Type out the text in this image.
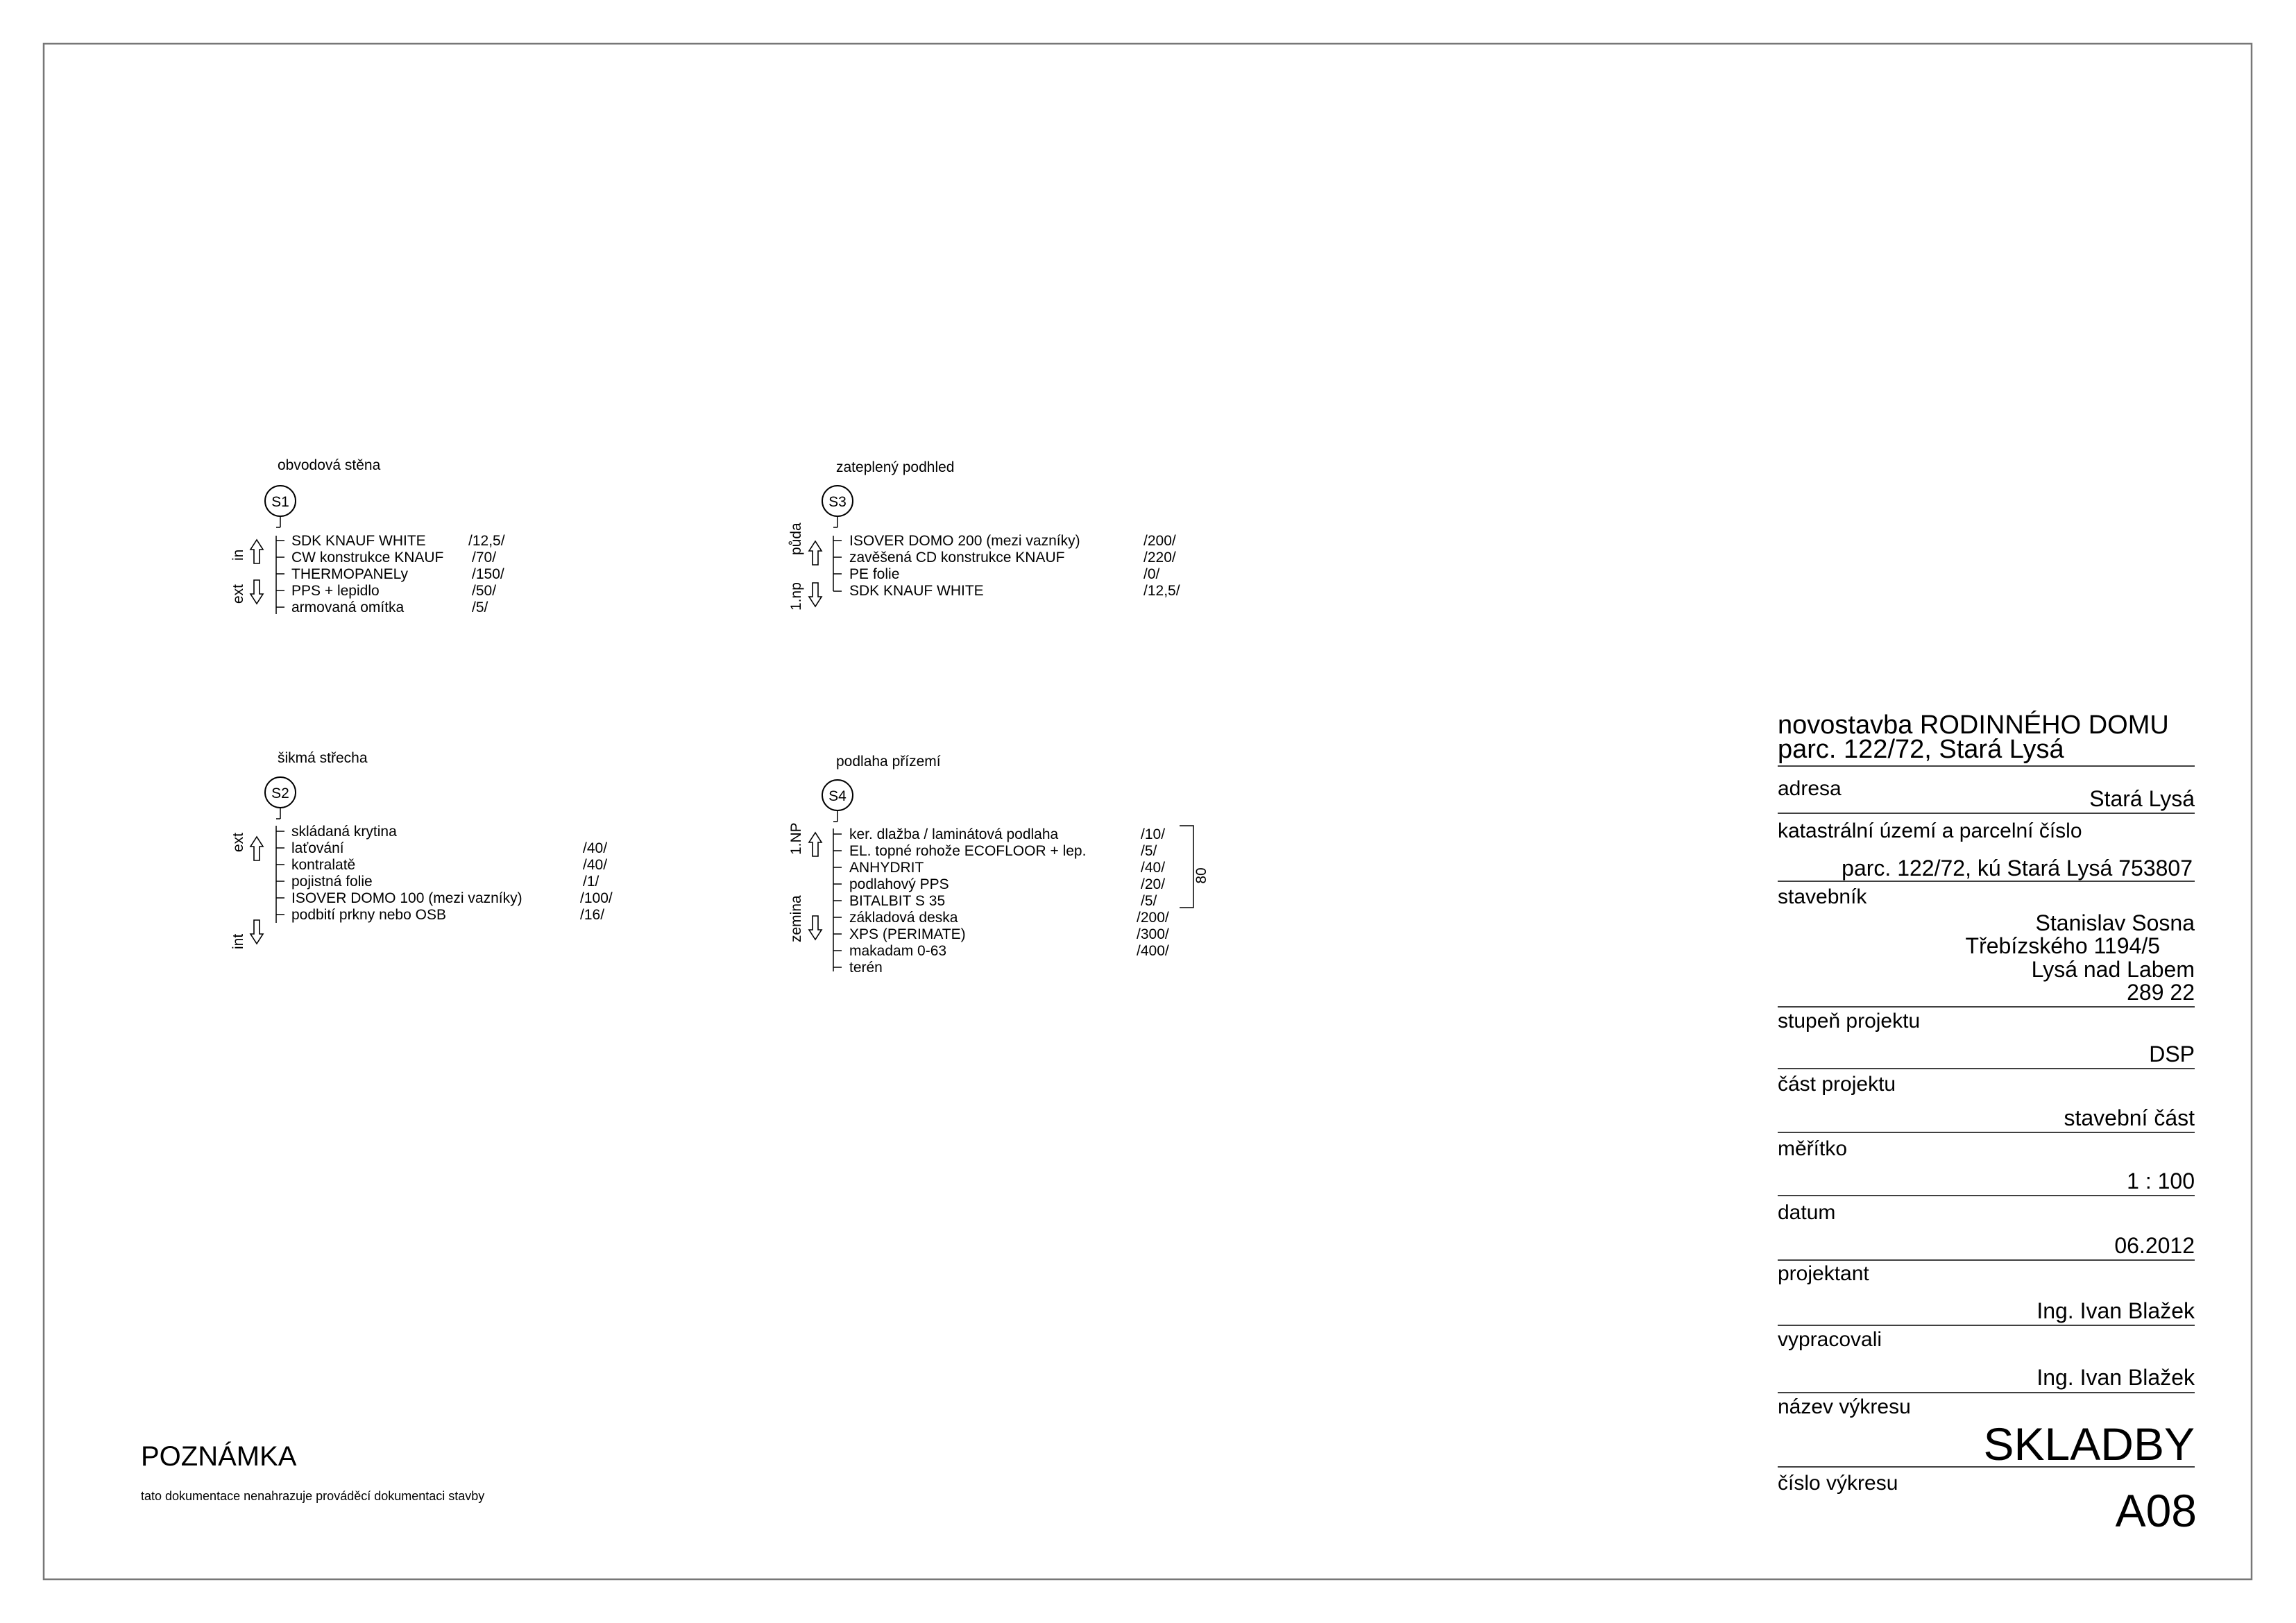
obvodová stěna
S1
in
ext
SDK KNAUF WHITE	/12,5/
CW konstrukce KNAUF /70/
THERMOPANELy	/150/
PPS + lepidlo	/50/
armovaná omítka	/5/
zateplený podhled
S3
půda
1.np
ISOVER DOMO 200 (mezi vazníky)	/200/
zavěšená CD konstrukce KNAUF	/220/
PE folie	/0/
SDK KNAUF WHITE	/12,5/
šikmá střecha
S2
ext
int
skládaná krytina
laťování	/40/
kontralatě	/40/
pojistná folie	/1/
ISOVER DOMO 100 (mezi vazníky)	/100/
podbití prkny nebo OSB	/16/
podlaha přízemí
S4
1.NP
zemina
ker. dlažba / laminátová podlaha	/10/
EL. topné rohože ECOFLOOR + lep.	/5/
ANHYDRIT	/40/
podlahový PPS	/20/
BITALBIT S 35	/5/
základová deska	/200/
XPS (PERIMATE)	/300/
makadam 0-63	/400/
terén
80
POZNÁMKA
tato dokumentace nenahrazuje prováděcí dokumentaci stavby
novostavba RODINNÉHO DOMU
parc. 122/72, Stará Lysá
adresa	Stará Lysá
katastrální území a parcelní číslo
parc. 122/72, kú Stará Lysá 753807
stavebník
Stanislav Sosna
Třebízského 1194/5
Lysá nad Labem
289 22
stupeň projektu
DSP
část projektu
stavební část
měřítko
1 : 100
datum
06.2012
projektant
Ing. Ivan Blažek
vypracovali
Ing. Ivan Blažek
název výkresu
SKLADBY
číslo výkresu
A08
